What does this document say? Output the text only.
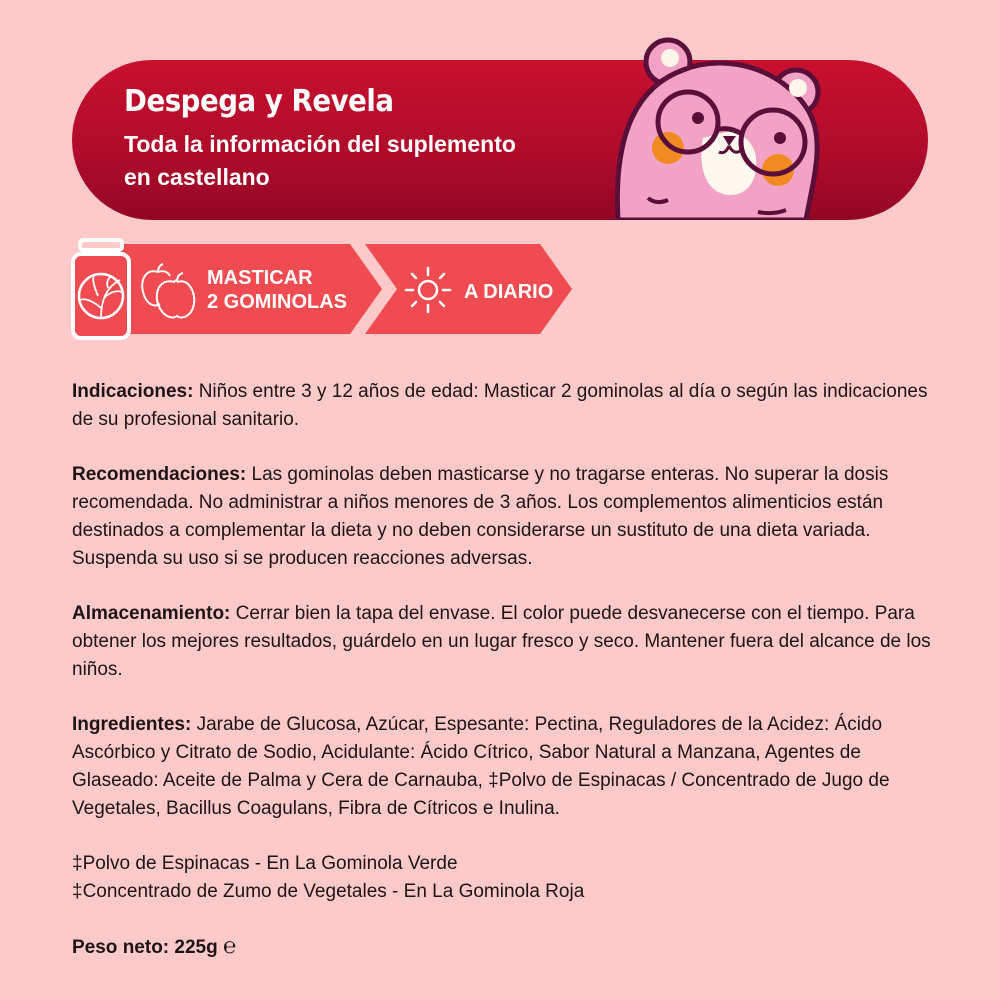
Despega y Revela
Toda la información del suplemento
en castellano
MASTICAR
2 GOMINOLAS	A DIARIO

Indicaciones: Niños entre 3 y 12 años de edad: Masticar 2 gominolas al día o según las indicaciones de su profesional sanitario.

Recomendaciones: Las gominolas deben masticarse y no tragarse enteras. No superar la dosis recomendada. No administrar a niños menores de 3 años. Los complementos alimenticios están destinados a complementar la dieta y no deben considerarse un sustituto de una dieta variada. Suspenda su uso si se producen reacciones adversas.

Almacenamiento: Cerrar bien la tapa del envase. El color puede desvanecerse con el tiempo. Para obtener los mejores resultados, guárdelo en un lugar fresco y seco. Mantener fuera del alcance de los niños.

Ingredientes: Jarabe de Glucosa, Azúcar, Espesante: Pectina, Reguladores de la Acidez: Ácido Ascórbico y Citrato de Sodio, Acidulante: Ácido Cítrico, Sabor Natural a Manzana, Agentes de Glaseado: Aceite de Palma y Cera de Carnauba, ‡Polvo de Espinacas / Concentrado de Jugo de Vegetales, Bacillus Coagulans, Fibra de Cítricos e Inulina.

‡Polvo de Espinacas - En La Gominola Verde

‡Concentrado de Zumo de Vegetales - En La Gominola Roja

Peso neto: 225g ℮
